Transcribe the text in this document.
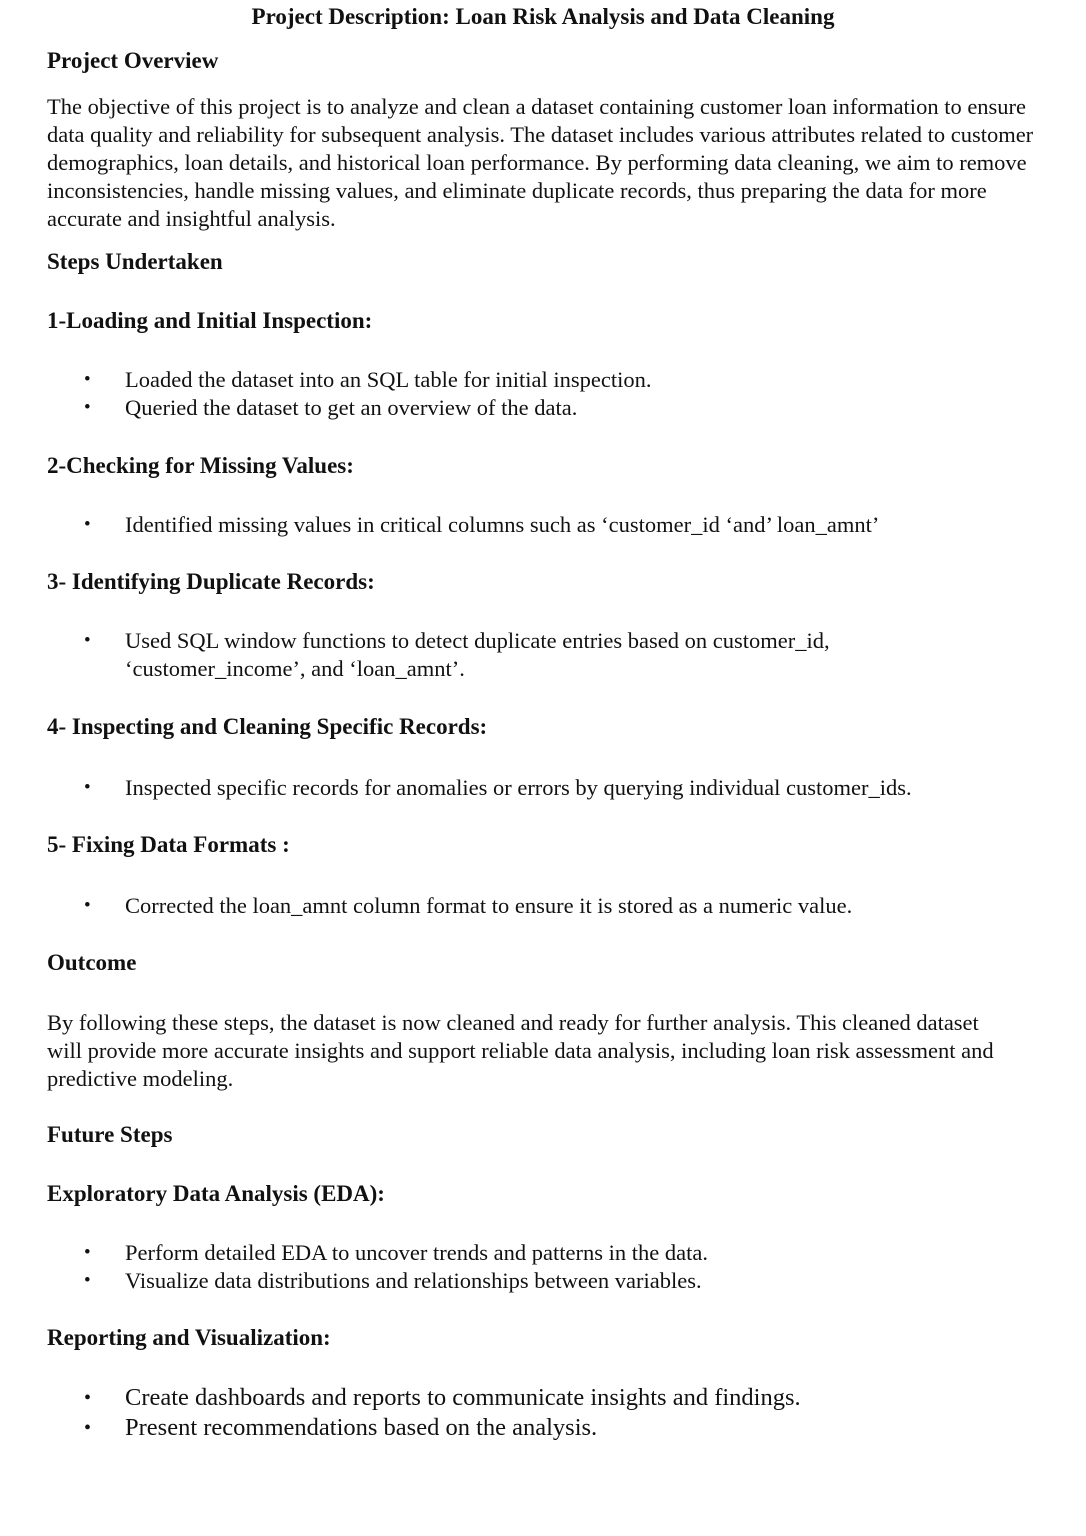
Project Description: Loan Risk Analysis and Data Cleaning
Project Overview

The objective of this project is to analyze and clean a dataset containing customer loan information to ensure data quality and reliability for subsequent analysis. The dataset includes various attributes related to customer demographics, loan details, and historical loan performance. By performing data cleaning, we aim to remove inconsistencies, handle missing values, and eliminate duplicate records, thus preparing the data for more accurate and insightful analysis.

Steps Undertaken
1-Loading and Initial Inspection:
•	Loaded the dataset into an SQL table for initial inspection.
•	Queried the dataset to get an overview of the data.
2-Checking for Missing Values:
•	Identified missing values in critical columns such as ‘customer_id ‘and’ loan_amnt’
3- Identifying Duplicate Records:
•	Used SQL window functions to detect duplicate entries based on customer_id,
‘customer_income’, and ‘loan_amnt’.
4- Inspecting and Cleaning Specific Records:
•	Inspected specific records for anomalies or errors by querying individual customer_ids.
5- Fixing Data Formats :
•	Corrected the loan_amnt column format to ensure it is stored as a numeric value.
Outcome

By following these steps, the dataset is now cleaned and ready for further analysis. This cleaned dataset will provide more accurate insights and support reliable data analysis, including loan risk assessment and predictive modeling.

Future Steps
Exploratory Data Analysis (EDA):
•	Perform detailed EDA to uncover trends and patterns in the data.
•	Visualize data distributions and relationships between variables.
Reporting and Visualization:
•	Create dashboards and reports to communicate insights and findings.
•	Present recommendations based on the analysis.
